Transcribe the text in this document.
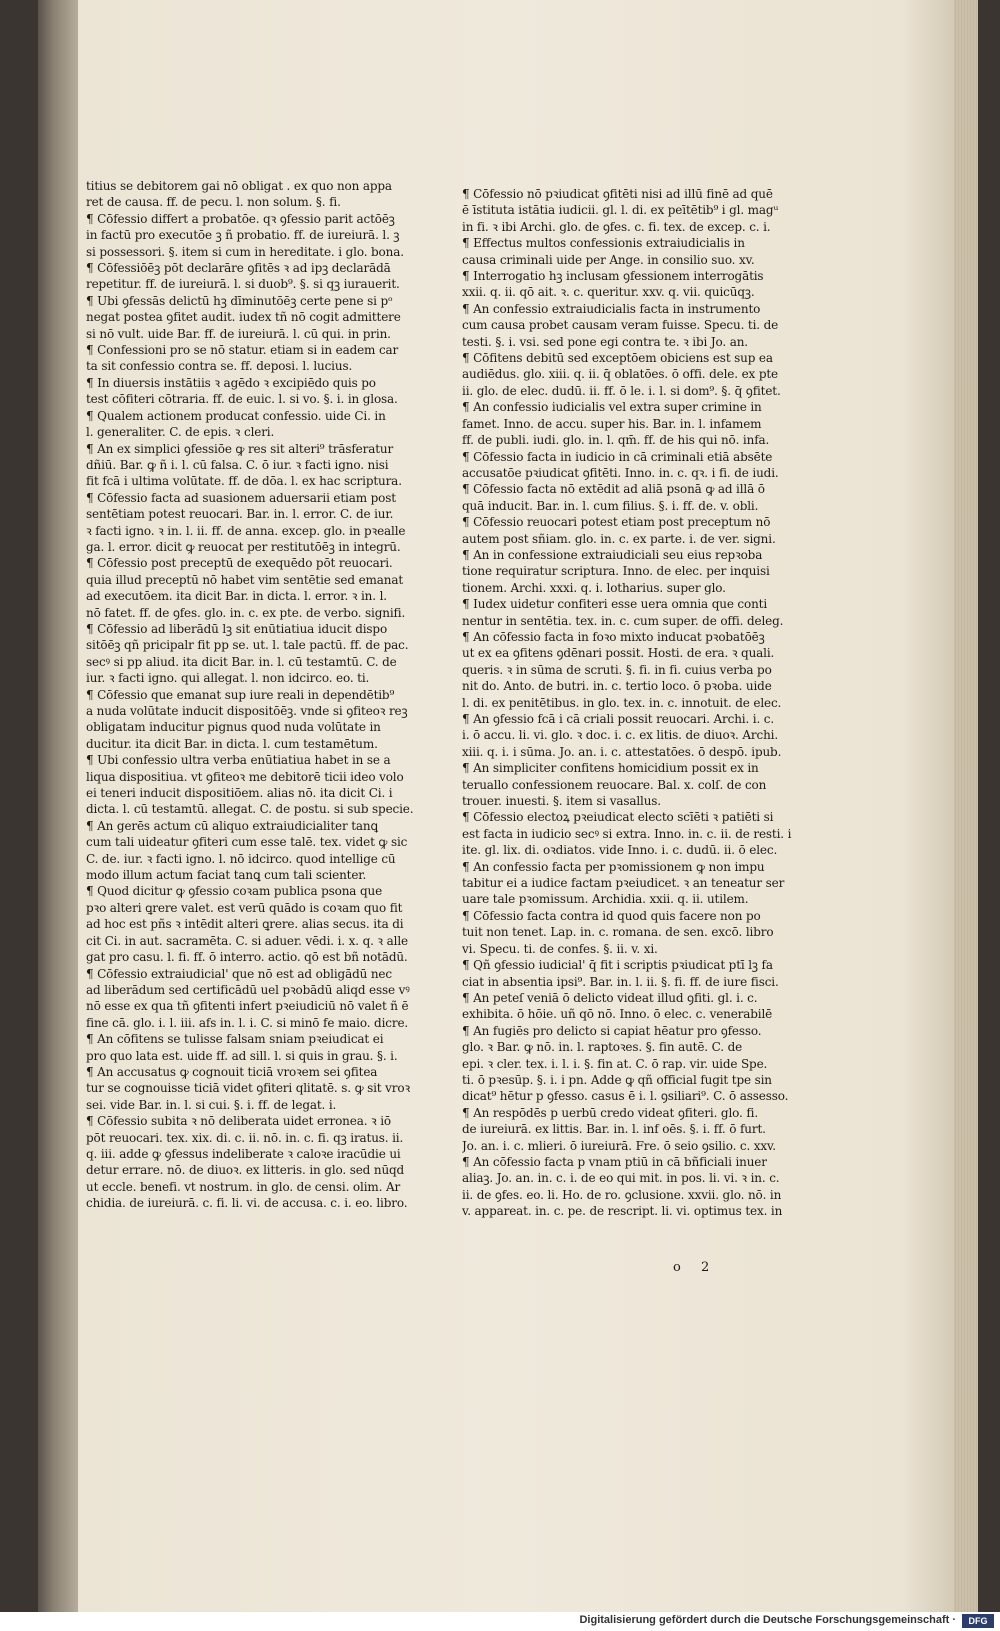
titius se debitorem gai nō obligat . ex quo non appa
ret de causa. ff. de pecu. l. non solum. §. fi.
¶ Cōfessio differt a probatōe. qꝛ ꝯfessio parit actōēꝫ
in factū pro executōe ꝫ ñ probatio. ff. de iureiurā. l. ꝫ
si possessori. §. item si cum in hereditate. i glo. bona.
¶ Cōfessiōēꝫ pōt declarāre ꝯfitēs ꝛ ad ipꝫ declarādā
repetitur. ff. de iureiurā. l. si duob⁹. §. si qꝫ iurauerit.
¶ Ubi ꝯfessās delictū hꝫ dīminutōēꝫ certe pene si pᵒ
negat postea ꝯfitet audit. iudex tñ nō cogit admittere
si nō vult. uide Bar. ff. de iureiurā. l. cū qui. in prin.
¶ Confessioni pro se nō statur. etiam si in eadem car
ta sit confessio contra se. ff. deposi. l. lucius.
¶ In diuersis instātiis ꝛ agēdo ꝛ excipiēdo quis po
test cōfiteri cōtraria. ff. de euic. l. si vo. §. i. in glosa.
¶ Qualem actionem producat confessio. uide Ci. in
l. generaliter. C. de epis. ꝛ cleri.
¶ An ex simplici ꝯfessiōe ꝙ res sit alteri⁹ trāsferatur
dñiū. Bar. ꝙ ñ i. l. cū falsa. C. ō iur. ꝛ facti igno. nisi
fit fcā i ultima volūtate. ff. de dōa. l. ex hac scriptura.
¶ Cōfessio facta ad suasionem aduersarii etiam post
sentētiam potest reuocari. Bar. in. l. error. C. de iur.
ꝛ facti igno. ꝛ in. l. ii. ff. de anna. excep. glo. in pꝛealle
ga. l. error. dicit ꝙ reuocat per restitutōēꝫ in integrū.
¶ Cōfessio post preceptū de exequēdo pōt reuocari.
quia illud preceptū nō habet vim sentētie sed emanat
ad executōem. ita dicit Bar. in dicta. l. error. ꝛ in. l.
nō fatet. ff. de ꝯfes. glo. in. c. ex pte. de verbo. signifi.
¶ Cōfessio ad liberādū lꝫ sit enūtiatiua iducit dispo
sitōēꝫ qñ pricipalr fit pp se. ut. l. tale pactū. ff. de pac.
secꝰ si pp aliud. ita dicit Bar. in. l. cū testamtū. C. de
iur. ꝛ facti igno. qui allegat. l. non idcirco. eo. ti.
¶ Cōfessio que emanat sup iure reali in dependētib⁹
a nuda volūtate inducit dispositōēꝫ. vnde si ꝯfiteoꝛ reꝫ
obligatam inducitur pignus quod nuda volūtate in
ducitur. ita dicit Bar. in dicta. l. cum testamētum.
¶ Ubi confessio ultra verba enūtiatiua habet in se a
liqua dispositiua. vt ꝯfiteoꝛ me debitorē ticii ideo volo
ei teneri inducit dispositiōem. alias nō. ita dicit Ci. i
dicta. l. cū testamtū. allegat. C. de postu. si sub specie.
¶ An gerēs actum cū aliquo extraiudicialiter tanꝗ
cum tali uideatur ꝯfiteri cum esse talē. tex. videt ꝙ sic
C. de. iur. ꝛ facti igno. l. nō idcirco. quod intellige cū
modo illum actum faciat tanꝗ cum tali scienter.
¶ Quod dicitur ꝙ ꝯfessio coꝛam publica psona que
pꝛo alteri ꝗrere valet. est verū quādo is coꝛam quo fit
ad hoc est pñs ꝛ intēdit alteri ꝗrere. alias secus. ita di
cit Ci. in aut. sacramēta. C. si aduer. vēdi. i. x. q. ꝛ alle
gat pro casu. l. fi. ff. ō interro. actio. qō est bñ notādū.
¶ Cōfessio extraiudicial' que nō est ad obligādū nec
ad liberādum sed certificādū uel pꝛobādū aliqd esse vꝰ
nō esse ex qua tñ ꝯfitenti infert pꝛeiudiciū nō valet ñ ē
fine cā. glo. i. l. iii. afs in. l. i. C. si minō fe maio. dicre.
¶ An cōfitens se tulisse falsam sniam pꝛeiudicat ei
pro quo lata est. uide ff. ad sill. l. si quis in grau. §. i.
¶ An accusatus ꝙ cognouit ticiā vroꝛem sei ꝯfitea
tur se cognouisse ticiā videt ꝯfiteri qlitatē. s. ꝙ sit vroꝛ
sei. vide Bar. in. l. si cui. §. i. ff. de legat. i.
¶ Cōfessio subita ꝛ nō deliberata uidet erronea. ꝛ iō
pōt reuocari. tex. xix. di. c. ii. nō. in. c. fi. qꝫ iratus. ii.
q. iii. adde ꝙ ꝯfessus indeliberate ꝛ caloꝛe iracūdie ui
detur errare. nō. de diuoꝛ. ex litteris. in glo. sed nūqd
ut eccle. benefi. vt nostrum. in glo. de censi. olim. Ar
chidia. de iureiurā. c. fi. li. vi. de accusa. c. i. eo. libro.
¶ Cōfessio nō pꝛiudicat ꝯfitēti nisi ad illū finē ad quē
ē īstituta istātia iudicii. gl. l. di. ex peītētib⁹ i gl. magᵘ
in fi. ꝛ ibi Archi. glo. de ꝯfes. c. fi. tex. de excep. c. i.
¶ Effectus multos confessionis extraiudicialis in
causa criminali uide per Ange. in consilio suo. xv.
¶ Interrogatio hꝫ inclusam ꝯfessionem interrogātis
xxii. q. ii. qō ait. ꝛ. c. queritur. xxv. q. vii. quicūqꝫ.
¶ An confessio extraiudicialis facta in instrumento
cum causa probet causam veram fuisse. Specu. ti. de
testi. §. i. vsi. sed pone egi contra te. ꝛ ibi Jo. an.
¶ Cōfitens debitū sed exceptōem obiciens est sup ea
audiēdus. glo. xiii. q. ii. q̄ oblatōes. ō offi. dele. ex pte
ii. glo. de elec. dudū. ii. ff. ō le. i. l. si dom⁹. §. q̄ ꝯfitet.
¶ An confessio iudicialis vel extra super crimine in
famet. Inno. de accu. super his. Bar. in. l. infamem
ff. de publi. iudi. glo. in. l. qm̄. ff. de his qui nō. infa.
¶ Cōfessio facta in iudicio in cā criminali etiā absēte
accusatōe pꝛiudicat ꝯfitēti. Inno. in. c. qꝛ. i fi. de iudi.
¶ Cōfessio facta nō extēdit ad aliā psonā ꝙ ad illā ō
quā inducit. Bar. in. l. cum filius. §. i. ff. de. v. obli.
¶ Cōfessio reuocari potest etiam post preceptum nō
autem post sñiam. glo. in. c. ex parte. i. de ver. signi.
¶ An in confessione extraiudiciali seu eius repꝛoba
tione requiratur scriptura. Inno. de elec. per inquisi
tionem. Archi. xxxi. q. i. lotharius. super glo.
¶ Iudex uidetur confiteri esse uera omnia que conti
nentur in sentētia. tex. in. c. cum super. de offi. deleg.
¶ An cōfessio facta in foꝛo mixto inducat pꝛobatōēꝫ
ut ex ea ꝯfitens ꝯdēnari possit. Hosti. de era. ꝛ quali.
queris. ꝛ in sūma de scruti. §. fi. in fi. cuius verba po
nit do. Anto. de butri. in. c. tertio loco. ō pꝛoba. uide
l. di. ex penitētibus. in glo. tex. in. c. innotuit. de elec.
¶ An ꝯfessio fcā i cā criali possit reuocari. Archi. i. c.
i. ō accu. li. vi. glo. ꝛ doc. i. c. ex litis. de diuoꝛ. Archi.
xiii. q. i. i sūma. Jo. an. i. c. attestatōes. ō despō. ipub.
¶ An simpliciter confitens homicidium possit ex in
teruallo confessionem reuocare. Bal. x. colſ. de con
trouer. inuesti. §. item si vasallus.
¶ Cōfessio electoꝝ pꝛeiudicat electo scīēti ꝛ patiēti si
est facta in iudicio secꝰ si extra. Inno. in. c. ii. de resti. i
ite. gl. lix. di. oꝛdiatos. vide Inno. i. c. dudū. ii. ō elec.
¶ An confessio facta per pꝛomissionem ꝙ non impu
tabitur ei a iudice factam pꝛeiudicet. ꝛ an teneatur ser
uare tale pꝛomissum. Archidia. xxii. q. ii. utilem.
¶ Cōfessio facta contra id quod quis facere non po
tuit non tenet. Lap. in. c. romana. de sen. excō. libro
vi. Specu. ti. de confes. §. ii. v. xi.
¶ Qñ ꝯfessio iudicial' q̄ fit i scriptis pꝛiudicat ptī lꝫ fa
ciat in absentia ipsi⁹. Bar. in. l. ii. §. fi. ff. de iure fisci.
¶ An peteſ veniā ō delicto videat illud ꝯfiti. gl. i. c.
exhibita. ō hōie. uñ qō nō. Inno. ō elec. c. venerabilē
¶ An fugiēs pro delicto si capiat hēatur pro ꝯfesso.
glo. ꝛ Bar. ꝙ nō. in. l. raptoꝛes. §. fin autē. C. de
epi. ꝛ cler. tex. i. l. i. §. fin at. C. ō rap. vir. uide Spe.
ti. ō pꝛesūp. §. i. i pn. Adde ꝙ qñ official fugit tpe sin
dicat⁹ hētur p ꝯfesso. casus ē i. l. ꝯsiliari⁹. C. ō assesso.
¶ An respōdēs p uerbū credo videat ꝯfiteri. glo. fi.
de iureiurā. ex littis. Bar. in. l. inf oēs. §. i. ff. ō furt.
Jo. an. i. c. mlieri. ō iureiurā. Fre. ō seio ꝯsilio. c. xxv.
¶ An cōfessio facta p vnam ptiū in cā bñficiali inuer
aliaꝫ. Jo. an. in. c. i. de eo qui mit. in pos. li. vi. ꝛ in. c.
ii. de ꝯfes. eo. li. Ho. de ro. ꝯclusione. xxvii. glo. nō. in
v. appareat. in. c. pe. de rescript. li. vi. optimus tex. in
o 2
Digitalisierung gefördert durch die Deutsche Forschungsgemeinschaft ·	DFG
